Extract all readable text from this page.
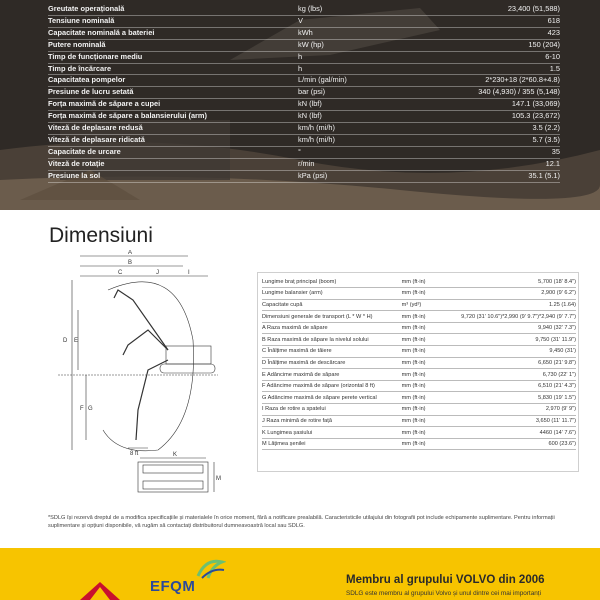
Greutate operațională	kg (lbs)	23,400 (51,588)
Tensiune nominală	V	618
Capacitate nominală a bateriei	kWh	423
Putere nominală	kW (hp)	150 (204)
Timp de funcționare mediu	h	6-10
Timp de încărcare	h	1.5
Capacitatea pompelor	L/min (gal/min)	2*230+18 (2*60.8+4.8)
Presiune de lucru setată	bar (psi)	340 (4,930) / 355 (5,148)
Forța maximă de săpare a cupei	kN (lbf)	147.1 (33,069)
Forța maximă de săpare a balansierului (arm)	kN (lbf)	105.3 (23,672)
Viteză de deplasare redusă	km/h (mi/h)	3.5 (2.2)
Viteză de deplasare ridicată	km/h (mi/h)	5.7 (3.5)
Capacitate de urcare	°	35
Viteză de rotație	r/min	12.1
Presiune la sol	kPa (psi)	35.1 (5.1)
Dimensiuni
A
B
C
D E
F G
I
J
K
M
8 ft
Lungime braț principal (boom)	mm (ft·in)	5,700 (18' 8.4")
Lungime balansier (arm)	mm (ft·in)	2,900 (9' 6.2")
Capacitate cupă	m³ (yd³)	1.25 (1.64)
Dimensiuni generale de transport (L * W * H)	mm (ft·in)	9,720 (31' 10.6")*2,990 (9' 9.7")*2,940 (9' 7.7")
A Raza maximă de săpare	mm (ft·in)	9,940 (32' 7.3")
B Raza maximă de săpare la nivelul solului	mm (ft·in)	9,750 (31' 11.9")
C Înălțime maximă de tăiere	mm (ft·in)	9,450 (31')
D Înălțime maximă de descărcare	mm (ft·in)	6,650 (21' 9.8")
E Adâncime maximă de săpare	mm (ft·in)	6,730 (22' 1")
F Adâncime maximă de săpare (orizontal 8 ft)	mm (ft·in)	6,510 (21' 4.3")
G Adâncime maximă de săpare perete vertical	mm (ft·in)	5,830 (19' 1.5")
I Raza de rotire a spatelui	mm (ft·in)	2,970 (9' 9")
J Raza minimă de rotire față	mm (ft·in)	3,650 (11' 11.7")
K Lungimea șasiului	mm (ft·in)	4460 (14' 7.6")
M Lățimea șenilei	mm (ft·in)	600 (23.6")
*SDLG își rezervă dreptul de a modifica specificațiile și materialele în orice moment, fără a notificare prealabilă. Caracteristicile utilajului din fotografii pot include echipamente suplimentare. Pentru informații suplimentare și opțiuni disponibile, vă rugăm să contactați distribuitorul dumneavoastră local sau SDLG.
EFQM	Membru al grupului VOLVO din 2006
SDLG este membru al grupului Volvo și unul dintre cei mai importanți
